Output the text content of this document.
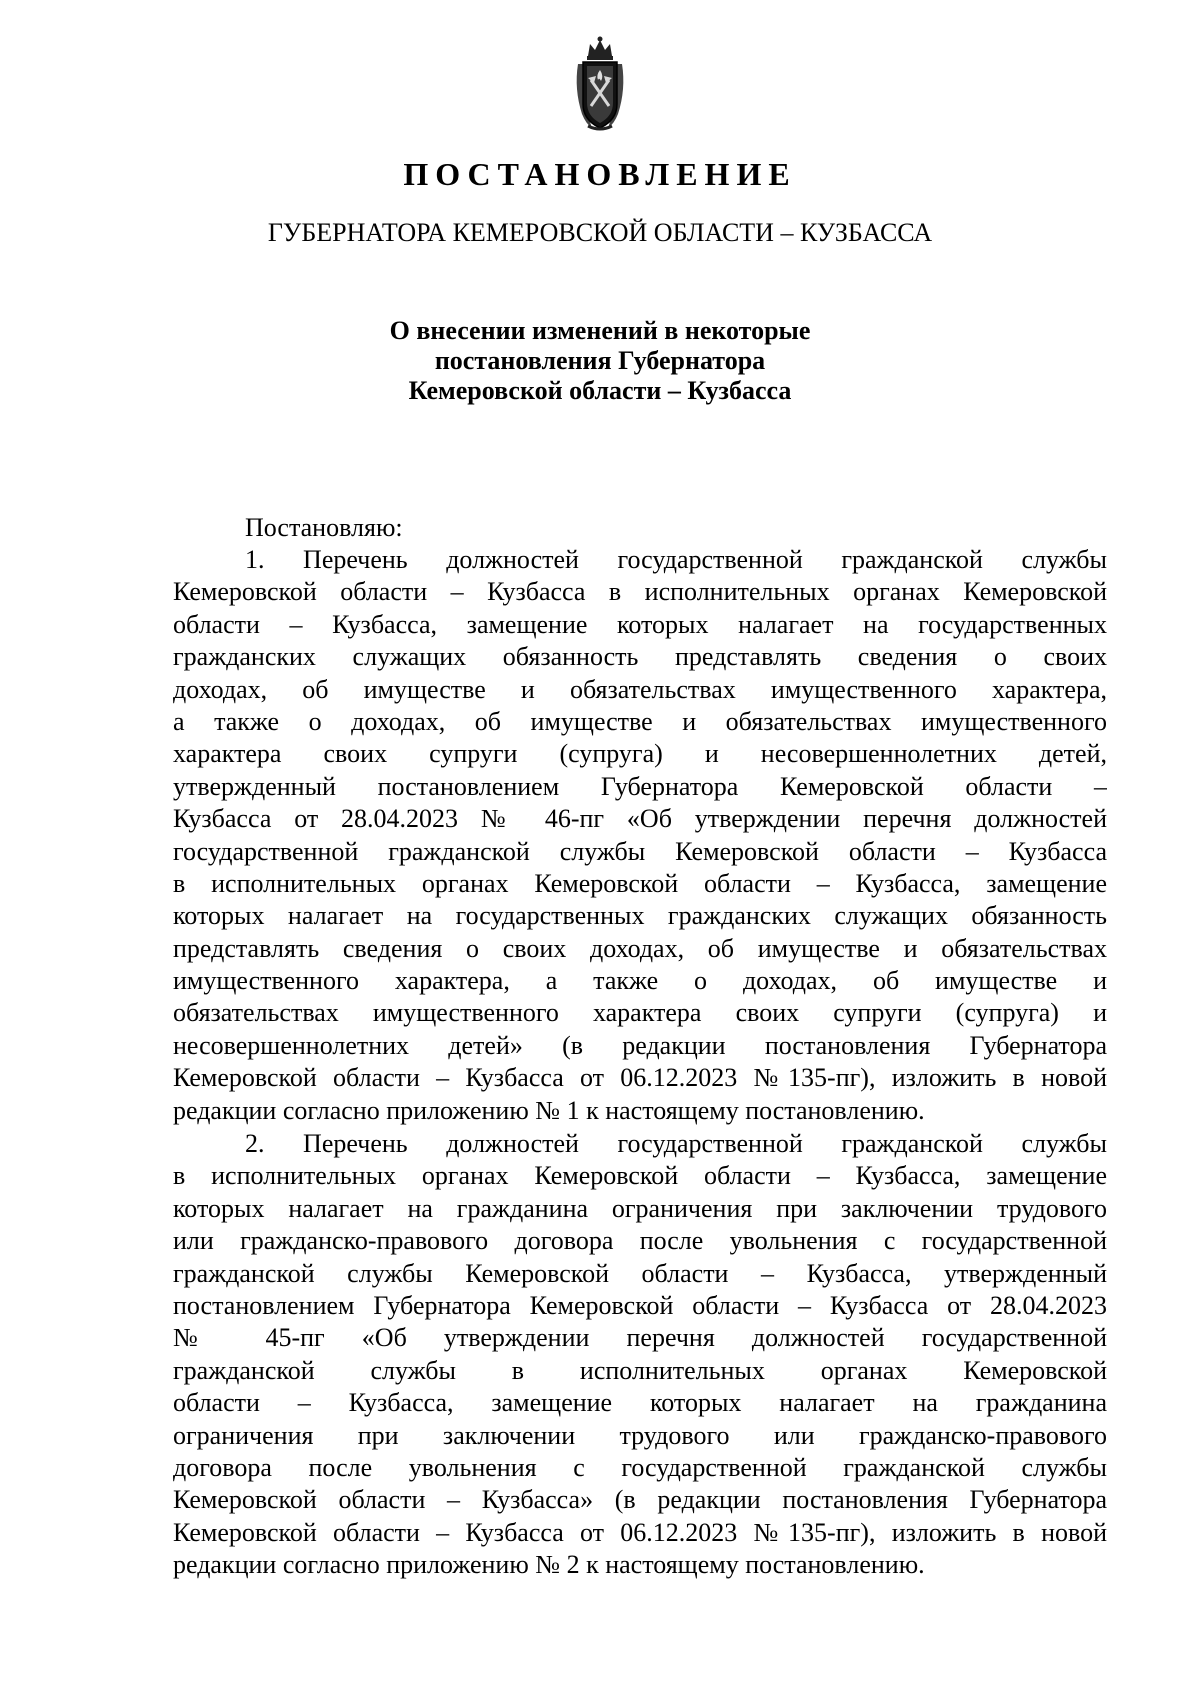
ПОСТАНОВЛЕНИЕ
ГУБЕРНАТОРА КЕМЕРОВСКОЙ ОБЛАСТИ – КУЗБАССА
О внесении изменений в некоторые
постановления Губернатора
Кемеровской области – Кузбасса
Постановляю:
1. Перечень должностей государственной гражданской службы
Кемеровской области – Кузбасса в исполнительных органах Кемеровской
области – Кузбасса, замещение которых налагает на государственных
гражданских служащих обязанность представлять сведения о своих
доходах, об имуществе и обязательствах имущественного характера,
а также о доходах, об имуществе и обязательствах имущественного
характера своих супруги (супруга) и несовершеннолетних детей,
утвержденный постановлением Губернатора Кемеровской области –
Кузбасса от 28.04.2023 № 46-пг «Об утверждении перечня должностей
государственной гражданской службы Кемеровской области – Кузбасса
в исполнительных органах Кемеровской области – Кузбасса, замещение
которых налагает на государственных гражданских служащих обязанность
представлять сведения о своих доходах, об имуществе и обязательствах
имущественного характера, а также о доходах, об имуществе и
обязательствах имущественного характера своих супруги (супруга) и
несовершеннолетних детей» (в редакции постановления Губернатора
Кемеровской области – Кузбасса от 06.12.2023 №135-пг), изложить в новой
редакции согласно приложению № 1 к настоящему постановлению.
2. Перечень должностей государственной гражданской службы
в исполнительных органах Кемеровской области – Кузбасса, замещение
которых налагает на гражданина ограничения при заключении трудового
или гражданско-правового договора после увольнения с государственной
гражданской службы Кемеровской области – Кузбасса, утвержденный
постановлением Губернатора Кемеровской области – Кузбасса от 28.04.2023
№ 45-пг «Об утверждении перечня должностей государственной
гражданской службы в исполнительных органах Кемеровской
области – Кузбасса, замещение которых налагает на гражданина
ограничения при заключении трудового или гражданско-правового
договора после увольнения с государственной гражданской службы
Кемеровской области – Кузбасса» (в редакции постановления Губернатора
Кемеровской области – Кузбасса от 06.12.2023 №135-пг), изложить в новой
редакции согласно приложению № 2 к настоящему постановлению.
